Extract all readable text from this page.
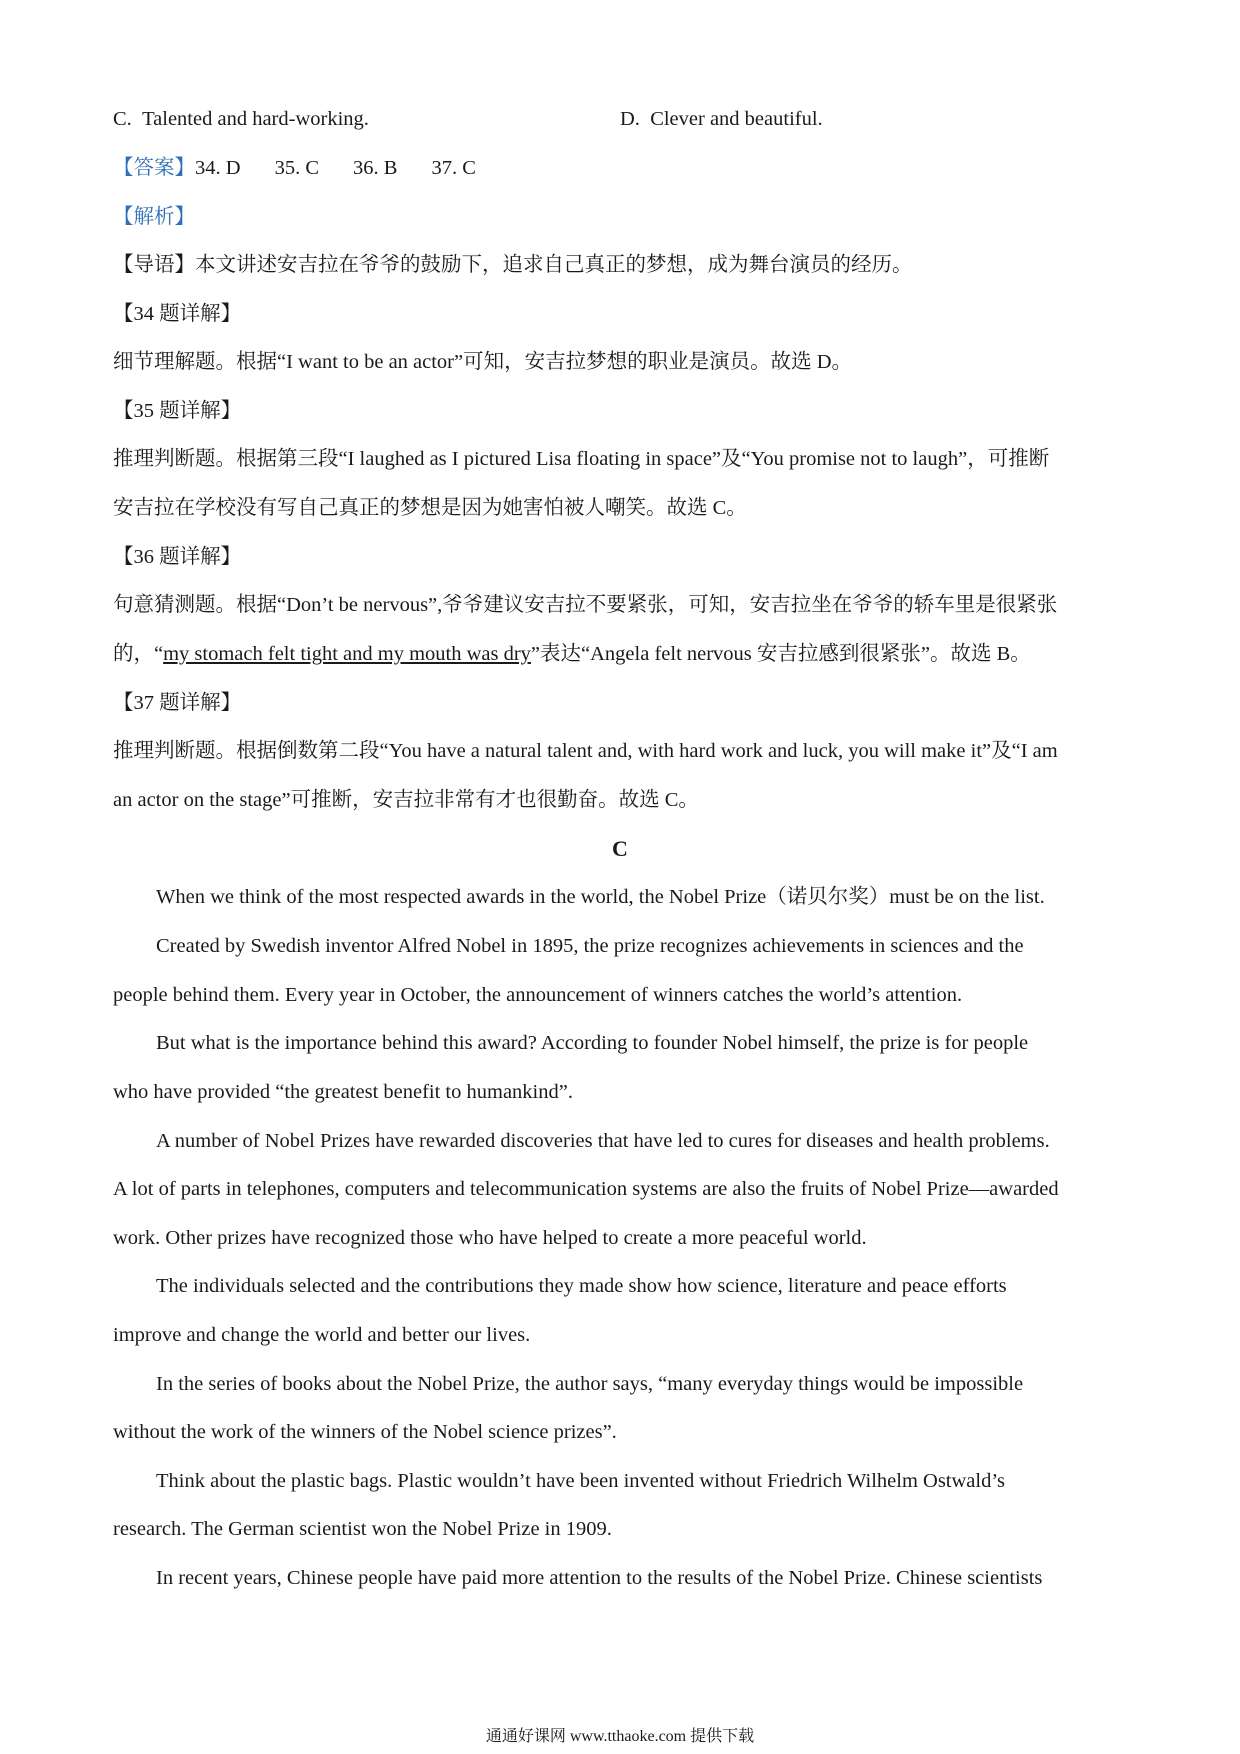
C. Talented and hard-working.	D. Clever and beautiful.
【答案】34. D 35. C 36. B 37. C
【解析】
【导语】本文讲述安吉拉在爷爷的鼓励下，追求自己真正的梦想，成为舞台演员的经历。
【34 题详解】
细节理解题。根据“I want to be an actor”可知，安吉拉梦想的职业是演员。故选 D。
【35 题详解】
推理判断题。根据第三段“I laughed as I pictured Lisa floating in space”及“You promise not to laugh”，可推断
安吉拉在学校没有写自己真正的梦想是因为她害怕被人嘲笑。故选 C。
【36 题详解】
句意猜测题。根据“Don’t be nervous”,爷爷建议安吉拉不要紧张，可知，安吉拉坐在爷爷的轿车里是很紧张
的，“my stomach felt tight and my mouth was dry”表达“Angela felt nervous 安吉拉感到很紧张”。故选 B。
【37 题详解】
推理判断题。根据倒数第二段“You have a natural talent and, with hard work and luck, you will make it”及“I am
an actor on the stage”可推断，安吉拉非常有才也很勤奋。故选 C。
C
When we think of the most respected awards in the world, the Nobel Prize（诺贝尔奖）must be on the list.
Created by Swedish inventor Alfred Nobel in 1895, the prize recognizes achievements in sciences and the
people behind them. Every year in October, the announcement of winners catches the world’s attention.
But what is the importance behind this award? According to founder Nobel himself, the prize is for people
who have provided “the greatest benefit to humankind”.
A number of Nobel Prizes have rewarded discoveries that have led to cures for diseases and health problems.
A lot of parts in telephones, computers and telecommunication systems are also the fruits of Nobel Prize—awarded
work. Other prizes have recognized those who have helped to create a more peaceful world.
The individuals selected and the contributions they made show how science, literature and peace efforts
improve and change the world and better our lives.
In the series of books about the Nobel Prize, the author says, “many everyday things would be impossible
without the work of the winners of the Nobel science prizes”.
Think about the plastic bags. Plastic wouldn’t have been invented without Friedrich Wilhelm Ostwald’s
research. The German scientist won the Nobel Prize in 1909.
In recent years, Chinese people have paid more attention to the results of the Nobel Prize. Chinese scientists
通通好课网 www.tthaoke.com 提供下载
